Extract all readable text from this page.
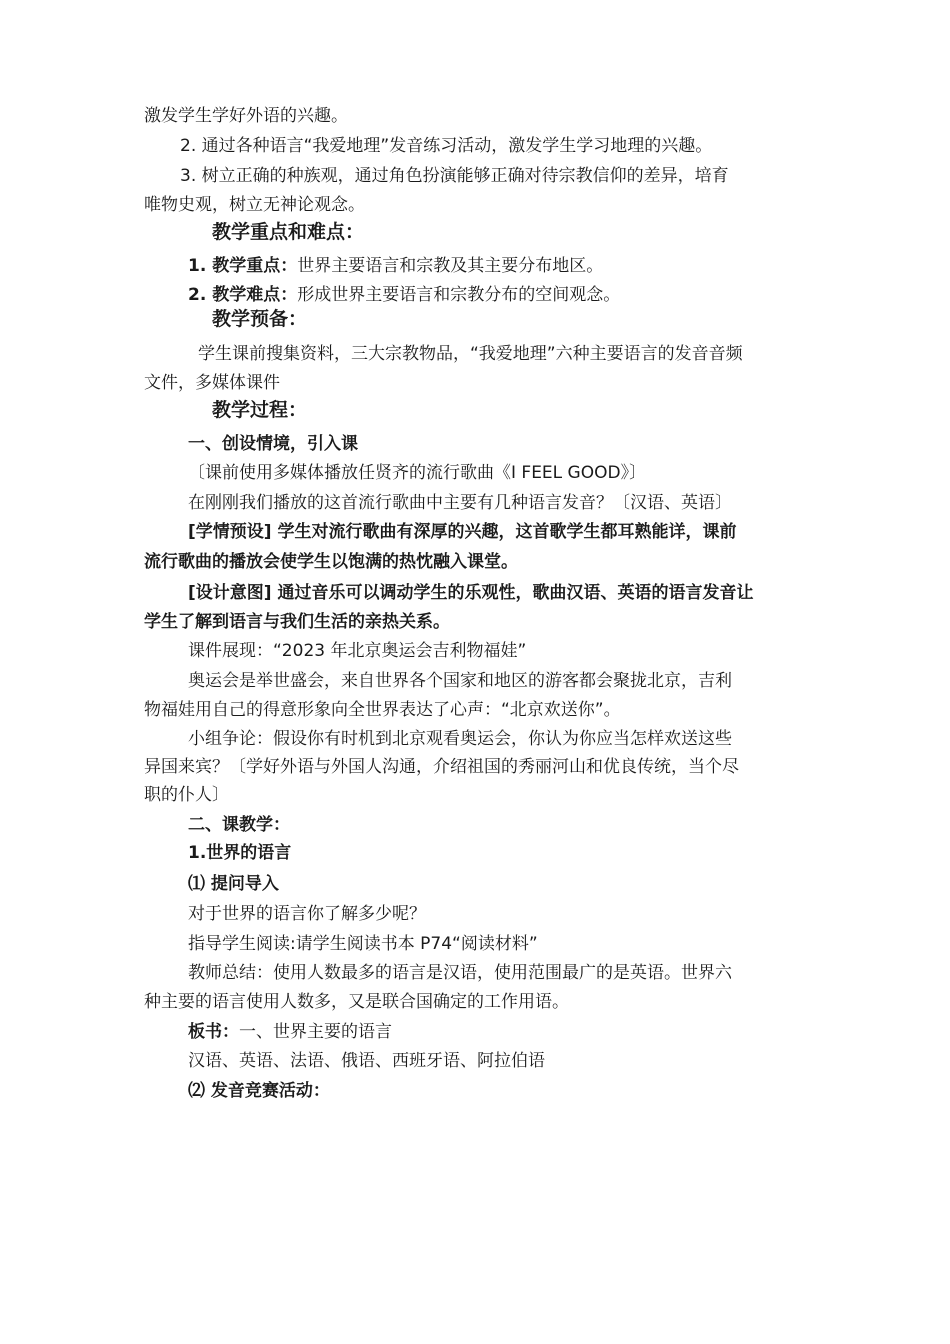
激发学生学好外语的兴趣。
2. 通过各种语言“我爱地理”发音练习活动，激发学生学习地理的兴趣。
3. 树立正确的种族观，通过角色扮演能够正确对待宗教信仰的差异，培育
唯物史观，树立无神论观念。
教学重点和难点：
1. 教学重点：世界主要语言和宗教及其主要分布地区。
2. 教学难点：形成世界主要语言和宗教分布的空间观念。
教学预备：
学生课前搜集资料，三大宗教物品，“我爱地理”六种主要语言的发音音频
文件，多媒体课件
教学过程：
一、创设情境，引入课
〔课前使用多媒体播放任贤齐的流行歌曲《I FEEL GOOD》〕
在刚刚我们播放的这首流行歌曲中主要有几种语言发音？〔汉语、英语〕
[学情预设] 学生对流行歌曲有深厚的兴趣，这首歌学生都耳熟能详，课前
流行歌曲的播放会使学生以饱满的热忱融入课堂。
[设计意图] 通过音乐可以调动学生的乐观性，歌曲汉语、英语的语言发音让
学生了解到语言与我们生活的亲热关系。
课件展现：“2023 年北京奥运会吉利物福娃”
奥运会是举世盛会，来自世界各个国家和地区的游客都会聚拢北京，吉利
物福娃用自己的得意形象向全世界表达了心声：“北京欢送你”。
小组争论：假设你有时机到北京观看奥运会，你认为你应当怎样欢送这些
异国来宾？〔学好外语与外国人沟通，介绍祖国的秀丽河山和优良传统，当个尽
职的仆人〕
二、课教学：
1.世界的语言
⑴ 提问导入
对于世界的语言你了解多少呢？
指导学生阅读:请学生阅读书本 P74“阅读材料”
教师总结：使用人数最多的语言是汉语，使用范围最广的是英语。世界六
种主要的语言使用人数多，又是联合国确定的工作用语。
板书：一、世界主要的语言
汉语、英语、法语、俄语、西班牙语、阿拉伯语
⑵ 发音竞赛活动：
